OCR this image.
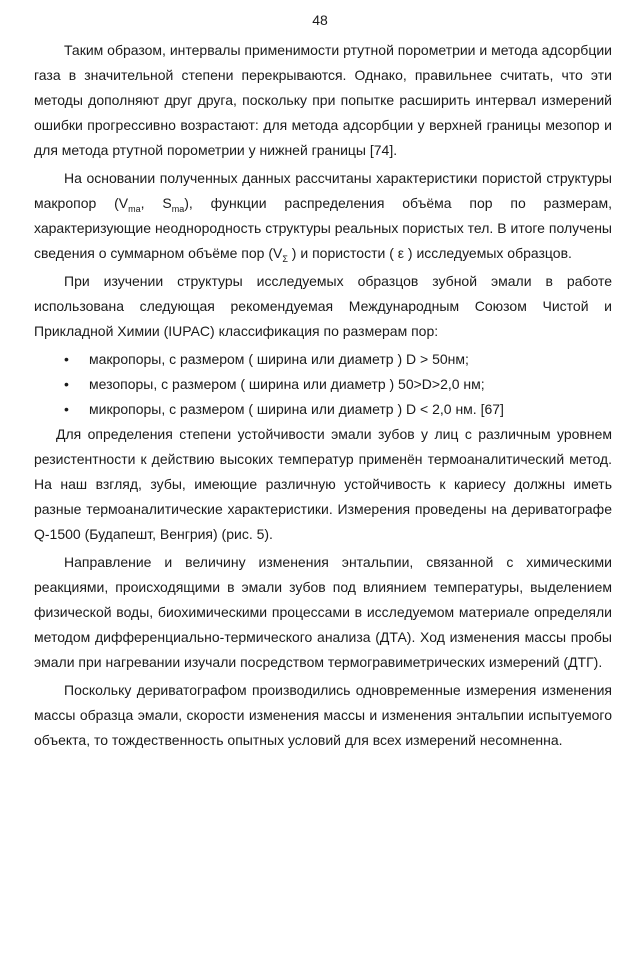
48

Таким образом, интервалы применимости ртутной порометрии и метода адсорбции газа в значительной степени перекрываются. Однако, правильнее считать, что эти методы дополняют друг друга, поскольку при попытке расширить интервал измерений ошибки прогрессивно возрастают: для метода адсорбции у верхней границы мезопор и для метода ртутной порометрии у нижней границы [74].

На основании полученных данных рассчитаны характеристики пористой структуры макропор ($V_{ma}$, $S_{ma}$), функции распределения объёма пор по размерам, характеризующие неоднородность структуры реальных пористых тел. В итоге получены сведения о суммарном объёме пор ($V_\Sigma$ ) и пористости ( ε ) исследуемых образцов.

При изучении структуры исследуемых образцов зубной эмали в работе использована следующая рекомендуемая Международным Союзом Чистой и Прикладной Химии (IUPAC) классификация по размерам пор:

• макропоры, с размером ( ширина или диаметр ) D > 50нм;
• мезопоры, с размером ( ширина или диаметр ) 50>D>2,0 нм;
• микропоры, с размером ( ширина или диаметр ) D < 2,0 нм. [67]

Для определения степени устойчивости эмали зубов у лиц с различным уровнем резистентности к действию высоких температур применён термоаналитический метод. На наш взгляд, зубы, имеющие различную устойчивость к кариесу должны иметь разные термоаналитические характеристики. Измерения проведены на дериватографе Q-1500 (Будапешт, Венгрия) (рис. 5).

Направление и величину изменения энтальпии, связанной с химическими реакциями, происходящими в эмали зубов под влиянием температуры, выделением физической воды, биохимическими процессами в исследуемом материале определяли методом дифференциально-термического анализа (ДТА). Ход изменения массы пробы эмали при нагревании изучали посредством термогравиметрических измерений (ДТГ).

Поскольку дериватографом производились одновременные измерения изменения массы образца эмали, скорости изменения массы и изменения энтальпии испытуемого объекта, то тождественность опытных условий для всех измерений несомненна.
